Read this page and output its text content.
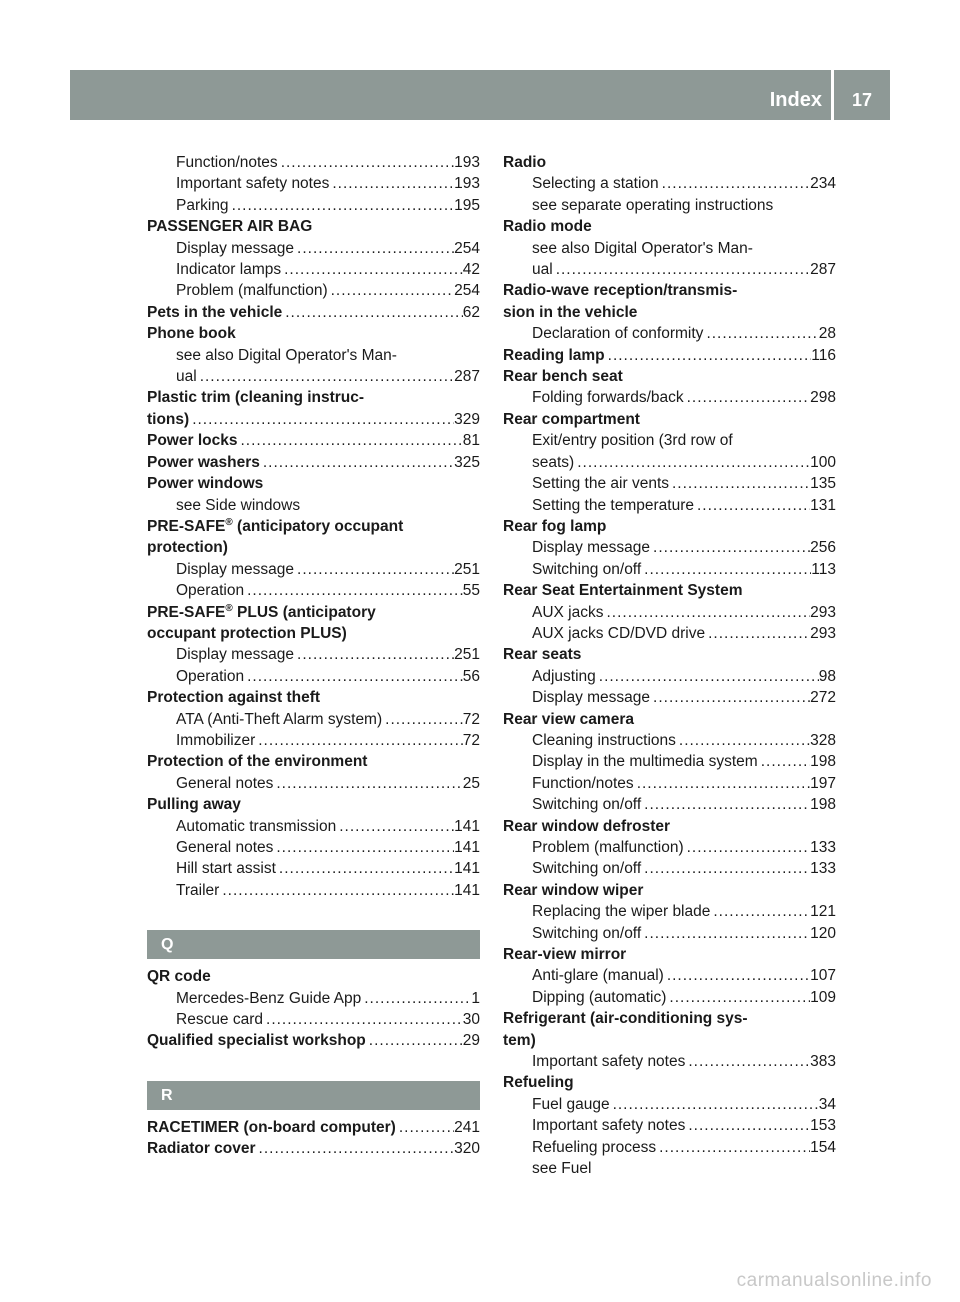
Index	17
Function/notes .....	193
Important safety notes .....	193
Parking .....	195
PASSENGER AIR BAG
Display message .....	254
Indicator lamps .....	42
Problem (malfunction) .....	254
Pets in the vehicle .....	62
Phone book
see also Digital Operator's Man-
ual .....	287
Plastic trim (cleaning instruc-
tions) .....	329
Power locks .....	81
Power washers .....	325
Power windows
see Side windows
PRE-SAFE® (anticipatory occupant
protection)
Display message .....	251
Operation .....	55
PRE-SAFE® PLUS (anticipatory
occupant protection PLUS)
Display message .....	251
Operation .....	56
Protection against theft
ATA (Anti-Theft Alarm system) .....	72
Immobilizer .....	72
Protection of the environment
General notes .....	25
Pulling away
Automatic transmission .....	141
General notes .....	141
Hill start assist .....	141
Trailer .....	141
Q
QR code
Mercedes-Benz Guide App .....	1
Rescue card .....	30
Qualified specialist workshop .....	29
R
RACETIMER (on-board computer) .....	241
Radiator cover .....	320
Radio
Selecting a station .....	234
see separate operating instructions
Radio mode
see also Digital Operator's Man-
ual .....	287
Radio-wave reception/transmis-
sion in the vehicle
Declaration of conformity .....	28
Reading lamp .....	116
Rear bench seat
Folding forwards/back .....	298
Rear compartment
Exit/entry position (3rd row of
seats) .....	100
Setting the air vents .....	135
Setting the temperature .....	131
Rear fog lamp
Display message .....	256
Switching on/off .....	113
Rear Seat Entertainment System
AUX jacks .....	293
AUX jacks CD/DVD drive .....	293
Rear seats
Adjusting .....	98
Display message .....	272
Rear view camera
Cleaning instructions .....	328
Display in the multimedia system .....	198
Function/notes .....	197
Switching on/off .....	198
Rear window defroster
Problem (malfunction) .....	133
Switching on/off .....	133
Rear window wiper
Replacing the wiper blade .....	121
Switching on/off .....	120
Rear-view mirror
Anti-glare (manual) .....	107
Dipping (automatic) .....	109
Refrigerant (air-conditioning sys-
tem)
Important safety notes .....	383
Refueling
Fuel gauge .....	34
Important safety notes .....	153
Refueling process .....	154
see Fuel
carmanualsonline.info
